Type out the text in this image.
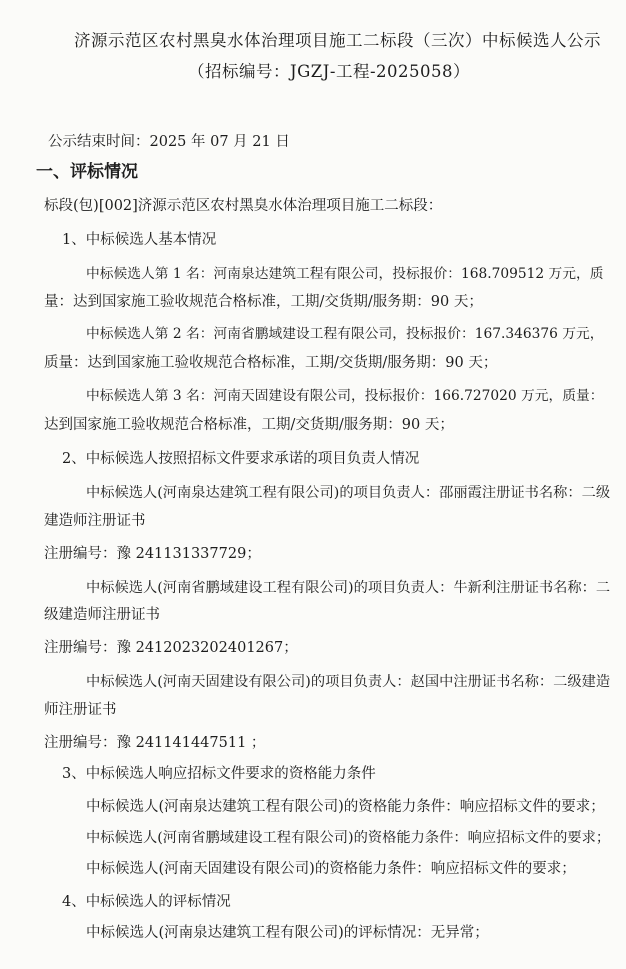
济源示范区农村黑臭水体治理项目施工二标段（三次）中标候选人公示
（招标编号：JGZJ-工程-2025058）
公示结束时间：2025 年 07 月 21 日
一、评标情况
标段(包)[002]济源示范区农村黑臭水体治理项目施工二标段：
1、中标候选人基本情况
中标候选人第 1 名：河南泉达建筑工程有限公司，投标报价：168.709512 万元，质
量：达到国家施工验收规范合格标准，工期/交货期/服务期：90 天；
中标候选人第 2 名：河南省鹏域建设工程有限公司，投标报价：167.346376 万元，
质量：达到国家施工验收规范合格标准，工期/交货期/服务期：90 天；
中标候选人第 3 名：河南天固建设有限公司，投标报价：166.727020 万元，质量：
达到国家施工验收规范合格标准，工期/交货期/服务期：90 天；
2、中标候选人按照招标文件要求承诺的项目负责人情况
中标候选人(河南泉达建筑工程有限公司)的项目负责人：邵丽霞注册证书名称：二级
建造师注册证书
注册编号：豫 241131337729；
中标候选人(河南省鹏域建设工程有限公司)的项目负责人：牛新利注册证书名称：二
级建造师注册证书
注册编号：豫 2412023202401267；
中标候选人(河南天固建设有限公司)的项目负责人：赵国中注册证书名称：二级建造
师注册证书
注册编号：豫 241141447511 ；
3、中标候选人响应招标文件要求的资格能力条件
中标候选人(河南泉达建筑工程有限公司)的资格能力条件：响应招标文件的要求；
中标候选人(河南省鹏域建设工程有限公司)的资格能力条件：响应招标文件的要求；
中标候选人(河南天固建设有限公司)的资格能力条件：响应招标文件的要求；
4、中标候选人的评标情况
中标候选人(河南泉达建筑工程有限公司)的评标情况：无异常；
